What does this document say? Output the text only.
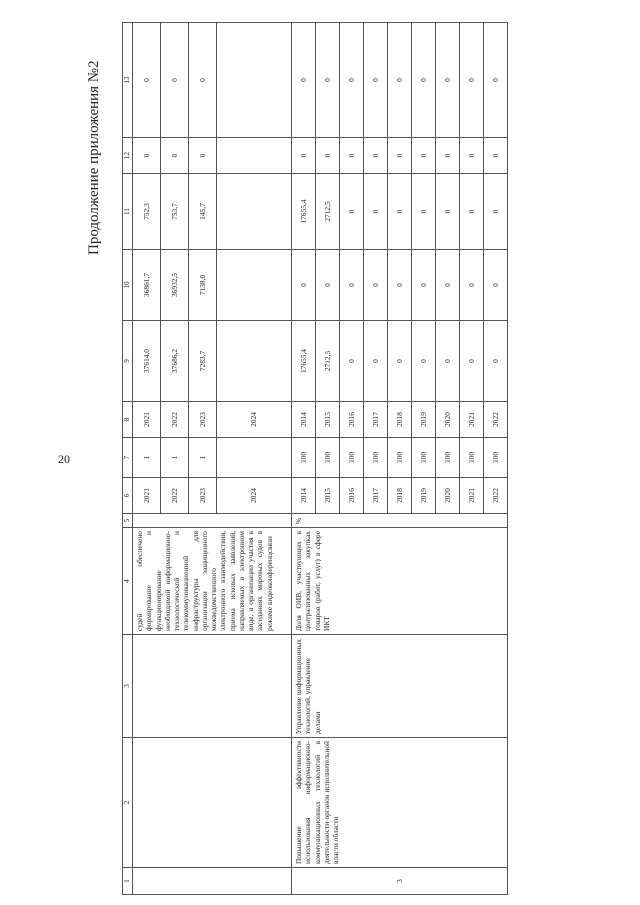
20
Продолжение приложения №2
1	2	3	4	5	6	7	8	9	10	11	12	13
			судей обеспечено формирование и функционирование необходимой информационно-технологической и телекоммуникационной инфраструктуры для организации защищенного межведомственного электронного взаимодействия, приема исковых заявлений, направляемых в электронном виде, и организации участия в заседаниях мировых судов в режиме видеоконференцсвязи		2021	1	2021	37614,0	36861,7	752,3	0	0
					2022	1	2022	37686,2	36932,5	753,7	0	0
					2023	1	2023	7283,7	7138,0	145,7	0	0
					2024		2024					
3	Повышение эффективности использования информационно-коммуникационных технологий в деятельности органов исполнительной власти области	Управление информационных технологий, управление делами	Доля ОИВ, участвующих в централизованных закупках товаров (работ, услуг) в сфере ИКТ	%	2014	100	2014	17655,4	0	17655,4	0	0
					2015	100	2015	2712,5	0	2712,5	0	0
					2016	100	2016	0	0	0	0	0
					2017	100	2017	0	0	0	0	0
					2018	100	2018	0	0	0	0	0
					2019	100	2019	0	0	0	0	0
					2020	100	2020	0	0	0	0	0
					2021	100	2021	0	0	0	0	0
					2022	100	2022	0	0	0	0	0
